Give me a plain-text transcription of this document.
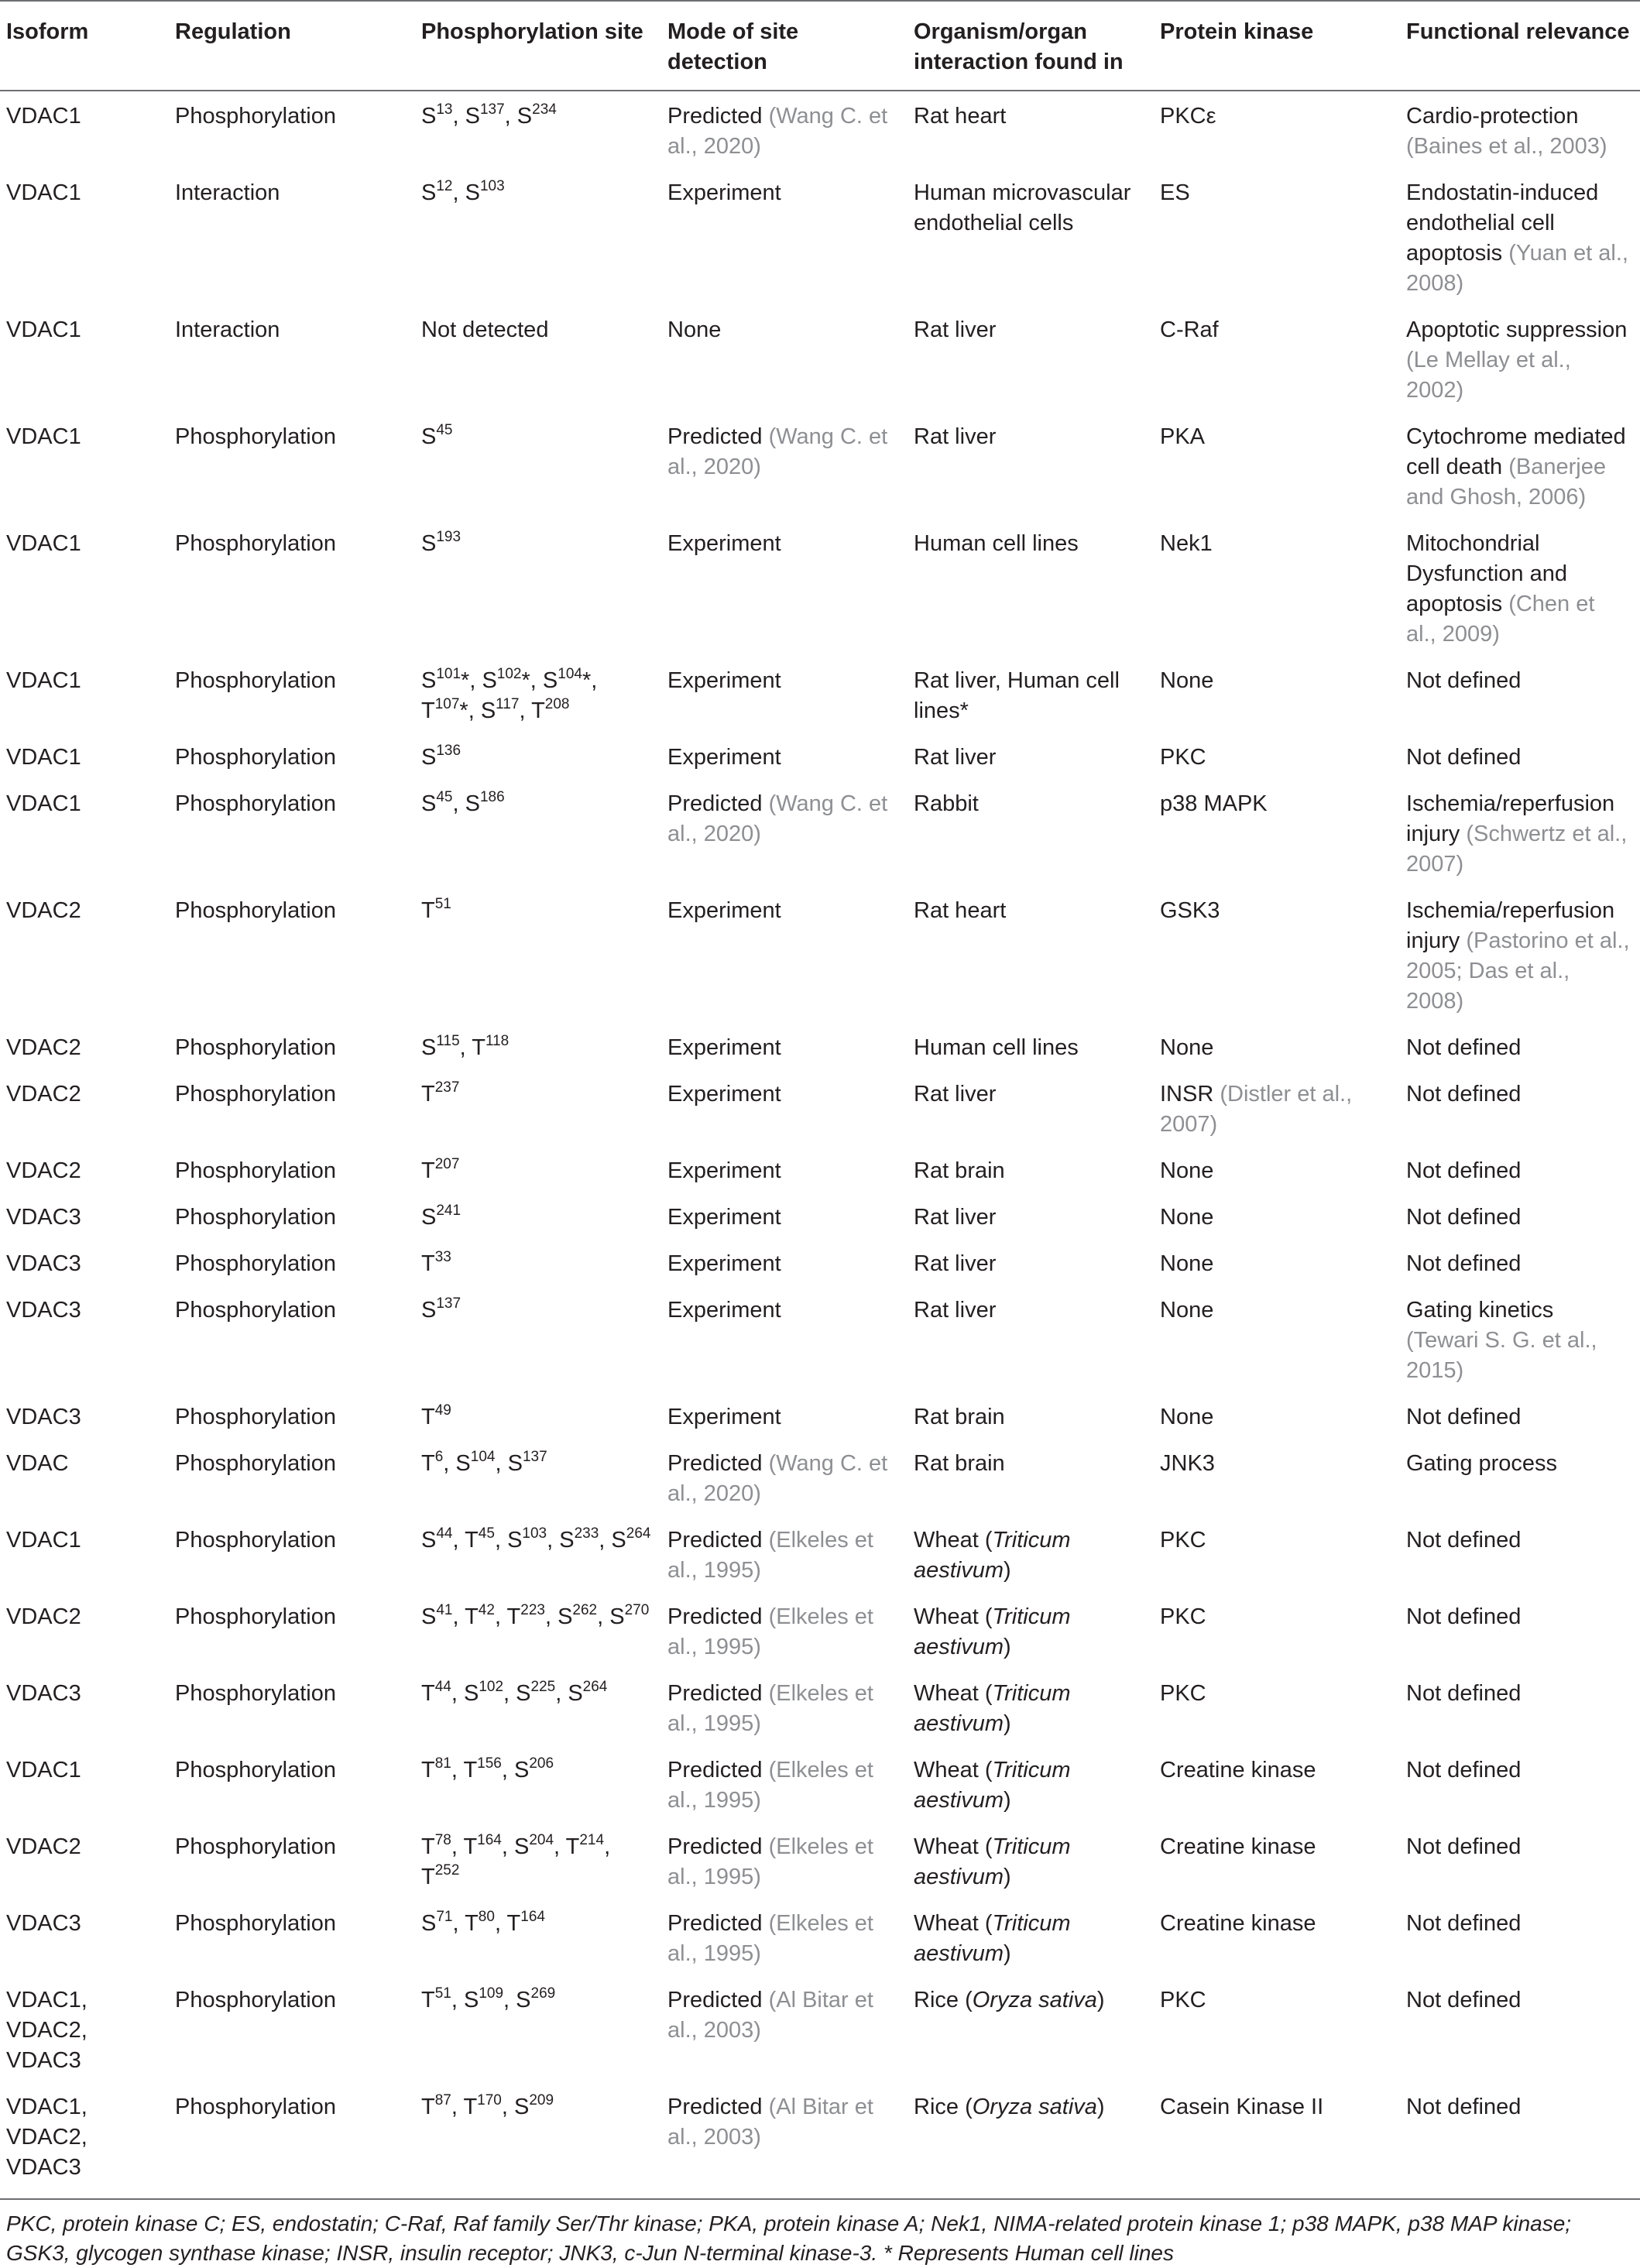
Isoform	Regulation	Phosphorylation site	Mode of site detection	Organism/organ interaction found in	Protein kinase	Functional relevance
VDAC1	Phosphorylation	$S^{13}$, $S^{137}$, $S^{234}$	Predicted (Wang C. et al., 2020)	Rat heart	PKCε	Cardio-protection (Baines et al., 2003)
VDAC1	Interaction	$S^{12}$, $S^{103}$	Experiment	Human microvascular endothelial cells	ES	Endostatin-induced endothelial cell apoptosis (Yuan et al., 2008)
VDAC1	Interaction	Not detected	None	Rat liver	C-Raf	Apoptotic suppression (Le Mellay et al., 2002)
VDAC1	Phosphorylation	$S^{45}$	Predicted (Wang C. et al., 2020)	Rat liver	PKA	Cytochrome mediated cell death (Banerjee and Ghosh, 2006)
VDAC1	Phosphorylation	$S^{193}$	Experiment	Human cell lines	Nek1	Mitochondrial Dysfunction and apoptosis (Chen et al., 2009)
VDAC1	Phosphorylation	$S^{101}*$, $S^{102}*$, $S^{104}*$, $T^{107}*$, $S^{117}$, $T^{208}$	Experiment	Rat liver, Human cell lines*	None	Not defined
VDAC1	Phosphorylation	$S^{136}$	Experiment	Rat liver	PKC	Not defined
VDAC1	Phosphorylation	$S^{45}$, $S^{186}$	Predicted (Wang C. et al., 2020)	Rabbit	p38 MAPK	Ischemia/reperfusion injury (Schwertz et al., 2007)
VDAC2	Phosphorylation	$T^{51}$	Experiment	Rat heart	GSK3	Ischemia/reperfusion injury (Pastorino et al., 2005; Das et al., 2008)
VDAC2	Phosphorylation	$S^{115}$, $T^{118}$	Experiment	Human cell lines	None	Not defined
VDAC2	Phosphorylation	$T^{237}$	Experiment	Rat liver	INSR (Distler et al., 2007)	Not defined
VDAC2	Phosphorylation	$T^{207}$	Experiment	Rat brain	None	Not defined
VDAC3	Phosphorylation	$S^{241}$	Experiment	Rat liver	None	Not defined
VDAC3	Phosphorylation	$T^{33}$	Experiment	Rat liver	None	Not defined
VDAC3	Phosphorylation	$S^{137}$	Experiment	Rat liver	None	Gating kinetics (Tewari S. G. et al., 2015)
VDAC3	Phosphorylation	$T^{49}$	Experiment	Rat brain	None	Not defined
VDAC	Phosphorylation	$T^6$, $S^{104}$, $S^{137}$	Predicted (Wang C. et al., 2020)	Rat brain	JNK3	Gating process
VDAC1	Phosphorylation	$S^{44}$, $T^{45}$, $S^{103}$, $S^{233}$, $S^{264}$	Predicted (Elkeles et al., 1995)	Wheat (Triticum aestivum)	PKC	Not defined
VDAC2	Phosphorylation	$S^{41}$, $T^{42}$, $T^{223}$, $S^{262}$, $S^{270}$	Predicted (Elkeles et al., 1995)	Wheat (Triticum aestivum)	PKC	Not defined
VDAC3	Phosphorylation	$T^{44}$, $S^{102}$, $S^{225}$, $S^{264}$	Predicted (Elkeles et al., 1995)	Wheat (Triticum aestivum)	PKC	Not defined
VDAC1	Phosphorylation	$T^{81}$, $T^{156}$, $S^{206}$	Predicted (Elkeles et al., 1995)	Wheat (Triticum aestivum)	Creatine kinase	Not defined
VDAC2	Phosphorylation	$T^{78}$, $T^{164}$, $S^{204}$, $T^{214}$, $T^{252}$	Predicted (Elkeles et al., 1995)	Wheat (Triticum aestivum)	Creatine kinase	Not defined
VDAC3	Phosphorylation	$S^{71}$, $T^{80}$, $T^{164}$	Predicted (Elkeles et al., 1995)	Wheat (Triticum aestivum)	Creatine kinase	Not defined
VDAC1, VDAC2, VDAC3	Phosphorylation	$T^{51}$, $S^{109}$, $S^{269}$	Predicted (Al Bitar et al., 2003)	Rice (Oryza sativa)	PKC	Not defined
VDAC1, VDAC2, VDAC3	Phosphorylation	$T^{87}$, $T^{170}$, $S^{209}$	Predicted (Al Bitar et al., 2003)	Rice (Oryza sativa)	Casein Kinase II	Not defined
PKC, protein kinase C; ES, endostatin; C-Raf, Raf family Ser/Thr kinase; PKA, protein kinase A; Nek1, NIMA-related protein kinase 1; p38 MAPK, p38 MAP kinase; GSK3, glycogen synthase kinase; INSR, insulin receptor; JNK3, c-Jun N-terminal kinase-3. * Represents Human cell lines
